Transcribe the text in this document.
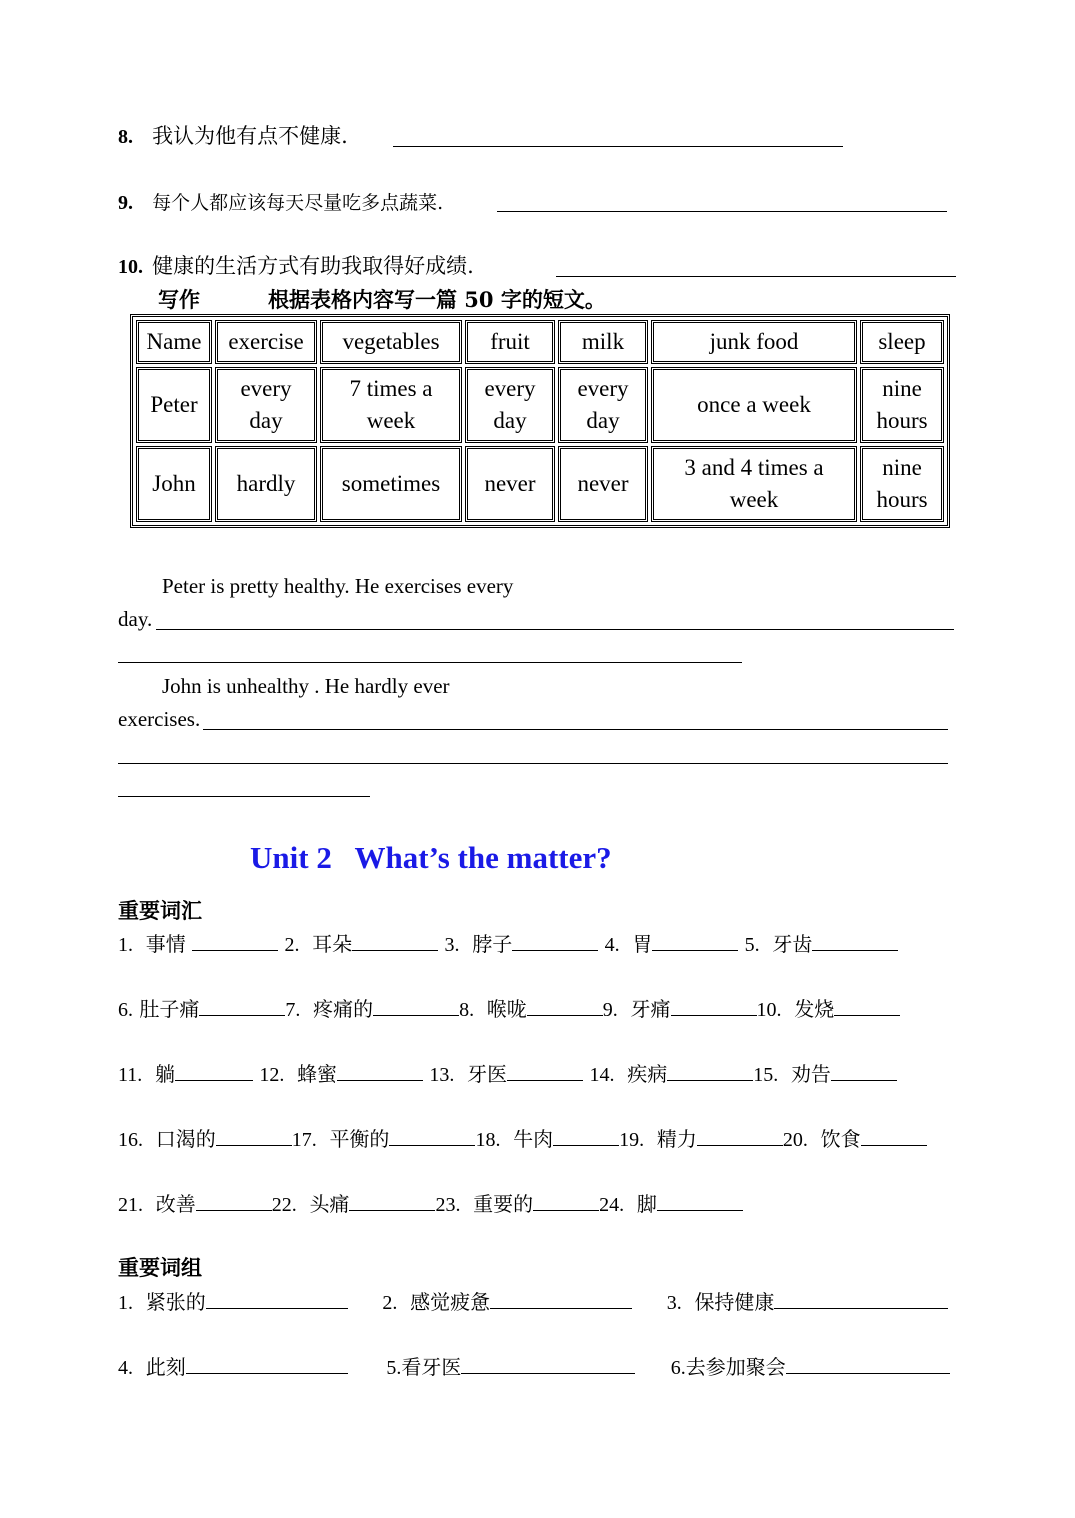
8. 我认为他有点不健康.
9. 每个人都应该每天尽量吃多点蔬菜.
10. 健康的生活方式有助我取得好成绩.
写作	根据表格内容写一篇 50 字的短文。
Name	exercise	vegetables	fruit	milk	junk food	sleep
Peter	every day	7 times a week	every day	every day	once a week	nine hours
John	hardly	sometimes	never	never	3 and 4 times a week	nine hours
Peter is pretty healthy. He exercises every
day.
John is unhealthy . He hardly ever
exercises.
Unit 2   What’s the matter?
重要词汇
1. 事情	2. 耳朵	3. 脖子	4. 胃	5. 牙齿
6. 肚子痛	7. 疼痛的	8. 喉咙	9. 牙痛	10. 发烧
11. 躺	12. 蜂蜜	13. 牙医	14. 疾病	15. 劝告
16. 口渴的	17. 平衡的	18. 牛肉	19. 精力	20. 饮食
21. 改善	22. 头痛	23. 重要的	24. 脚
重要词组
1. 紧张的	2. 感觉疲惫	3. 保持健康
4. 此刻	5.看牙医	6.去参加聚会
